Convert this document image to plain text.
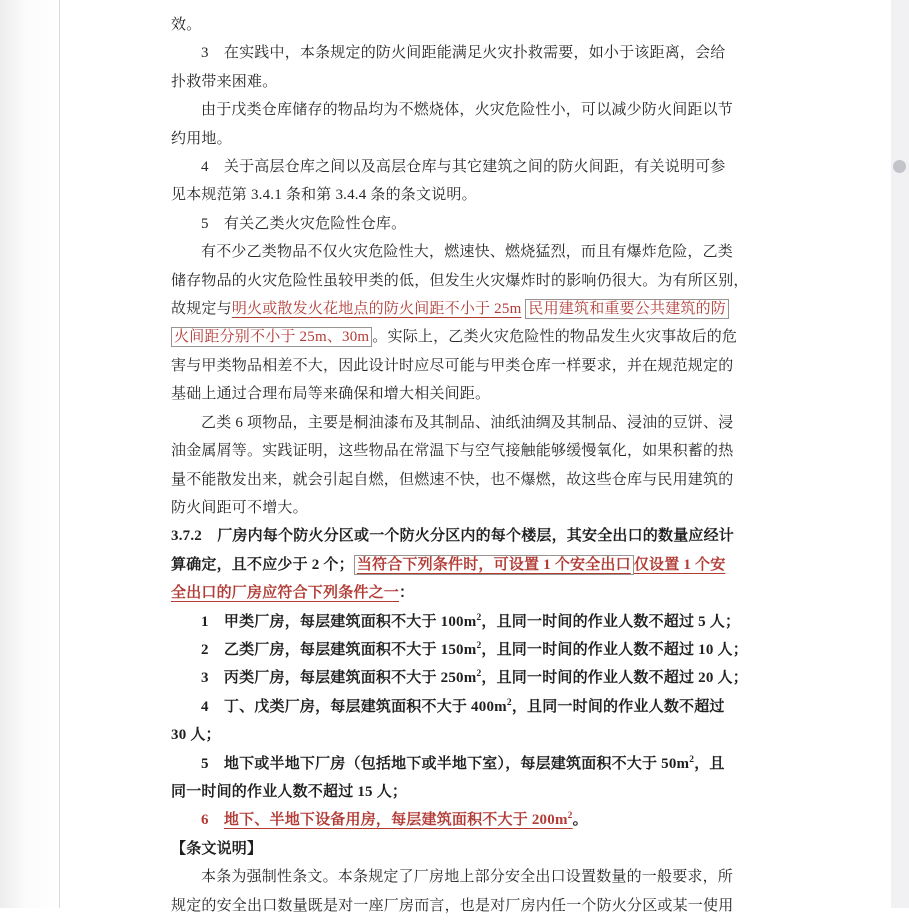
效。
3　在实践中，本条规定的防火间距能满足火灾扑救需要，如小于该距离，会给
扑救带来困难。
由于戊类仓库储存的物品均为不燃烧体，火灾危险性小，可以减少防火间距以节
约用地。
4　关于高层仓库之间以及高层仓库与其它建筑之间的防火间距，有关说明可参
见本规范第 3.4.1 条和第 3.4.4 条的条文说明。
5　有关乙类火灾危险性仓库。
有不少乙类物品不仅火灾危险性大，燃速快、燃烧猛烈，而且有爆炸危险，乙类
储存物品的火灾危险性虽较甲类的低，但发生火灾爆炸时的影响仍很大。为有所区别，
故规定与明火或散发火花地点的防火间距不小于 25m 民用建筑和重要公共建筑的防
火间距分别不小于 25m、30m 。实际上，乙类火灾危险性的物品发生火灾事故后的危
害与甲类物品相差不大，因此设计时应尽可能与甲类仓库一样要求，并在规范规定的
基础上通过合理布局等来确保和增大相关间距。
乙类 6 项物品，主要是桐油漆布及其制品、油纸油绸及其制品、浸油的豆饼、浸
油金属屑等。实践证明，这些物品在常温下与空气接触能够缓慢氧化，如果积蓄的热
量不能散发出来，就会引起自燃，但燃速不快，也不爆燃，故这些仓库与民用建筑的
防火间距可不增大。
3.7.2　厂房内每个防火分区或一个防火分区内的每个楼层，其安全出口的数量应经计
算确定，且不应少于 2 个； 当符合下列条件时，可设置 1 个安全出口 仅设置 1 个安
全出口的厂房应符合下列条件之一：
1　甲类厂房，每层建筑面积不大于 $100m^2$，且同一时间的作业人数不超过 5 人；
2　乙类厂房，每层建筑面积不大于 $150m^2$，且同一时间的作业人数不超过 10 人；
3　丙类厂房，每层建筑面积不大于 $250m^2$，且同一时间的作业人数不超过 20 人；
4　丁、戊类厂房，每层建筑面积不大于 $400m^2$，且同一时间的作业人数不超过
30 人；
5　地下或半地下厂房（包括地下或半地下室），每层建筑面积不大于 $50m^2$，且
同一时间的作业人数不超过 15 人；
6　地下、半地下设备用房，每层建筑面积不大于 $200m^2$。
【条文说明】
本条为强制性条文。本条规定了厂房地上部分安全出口设置数量的一般要求，所
规定的安全出口数量既是对一座厂房而言，也是对厂房内任一个防火分区或某一使用
